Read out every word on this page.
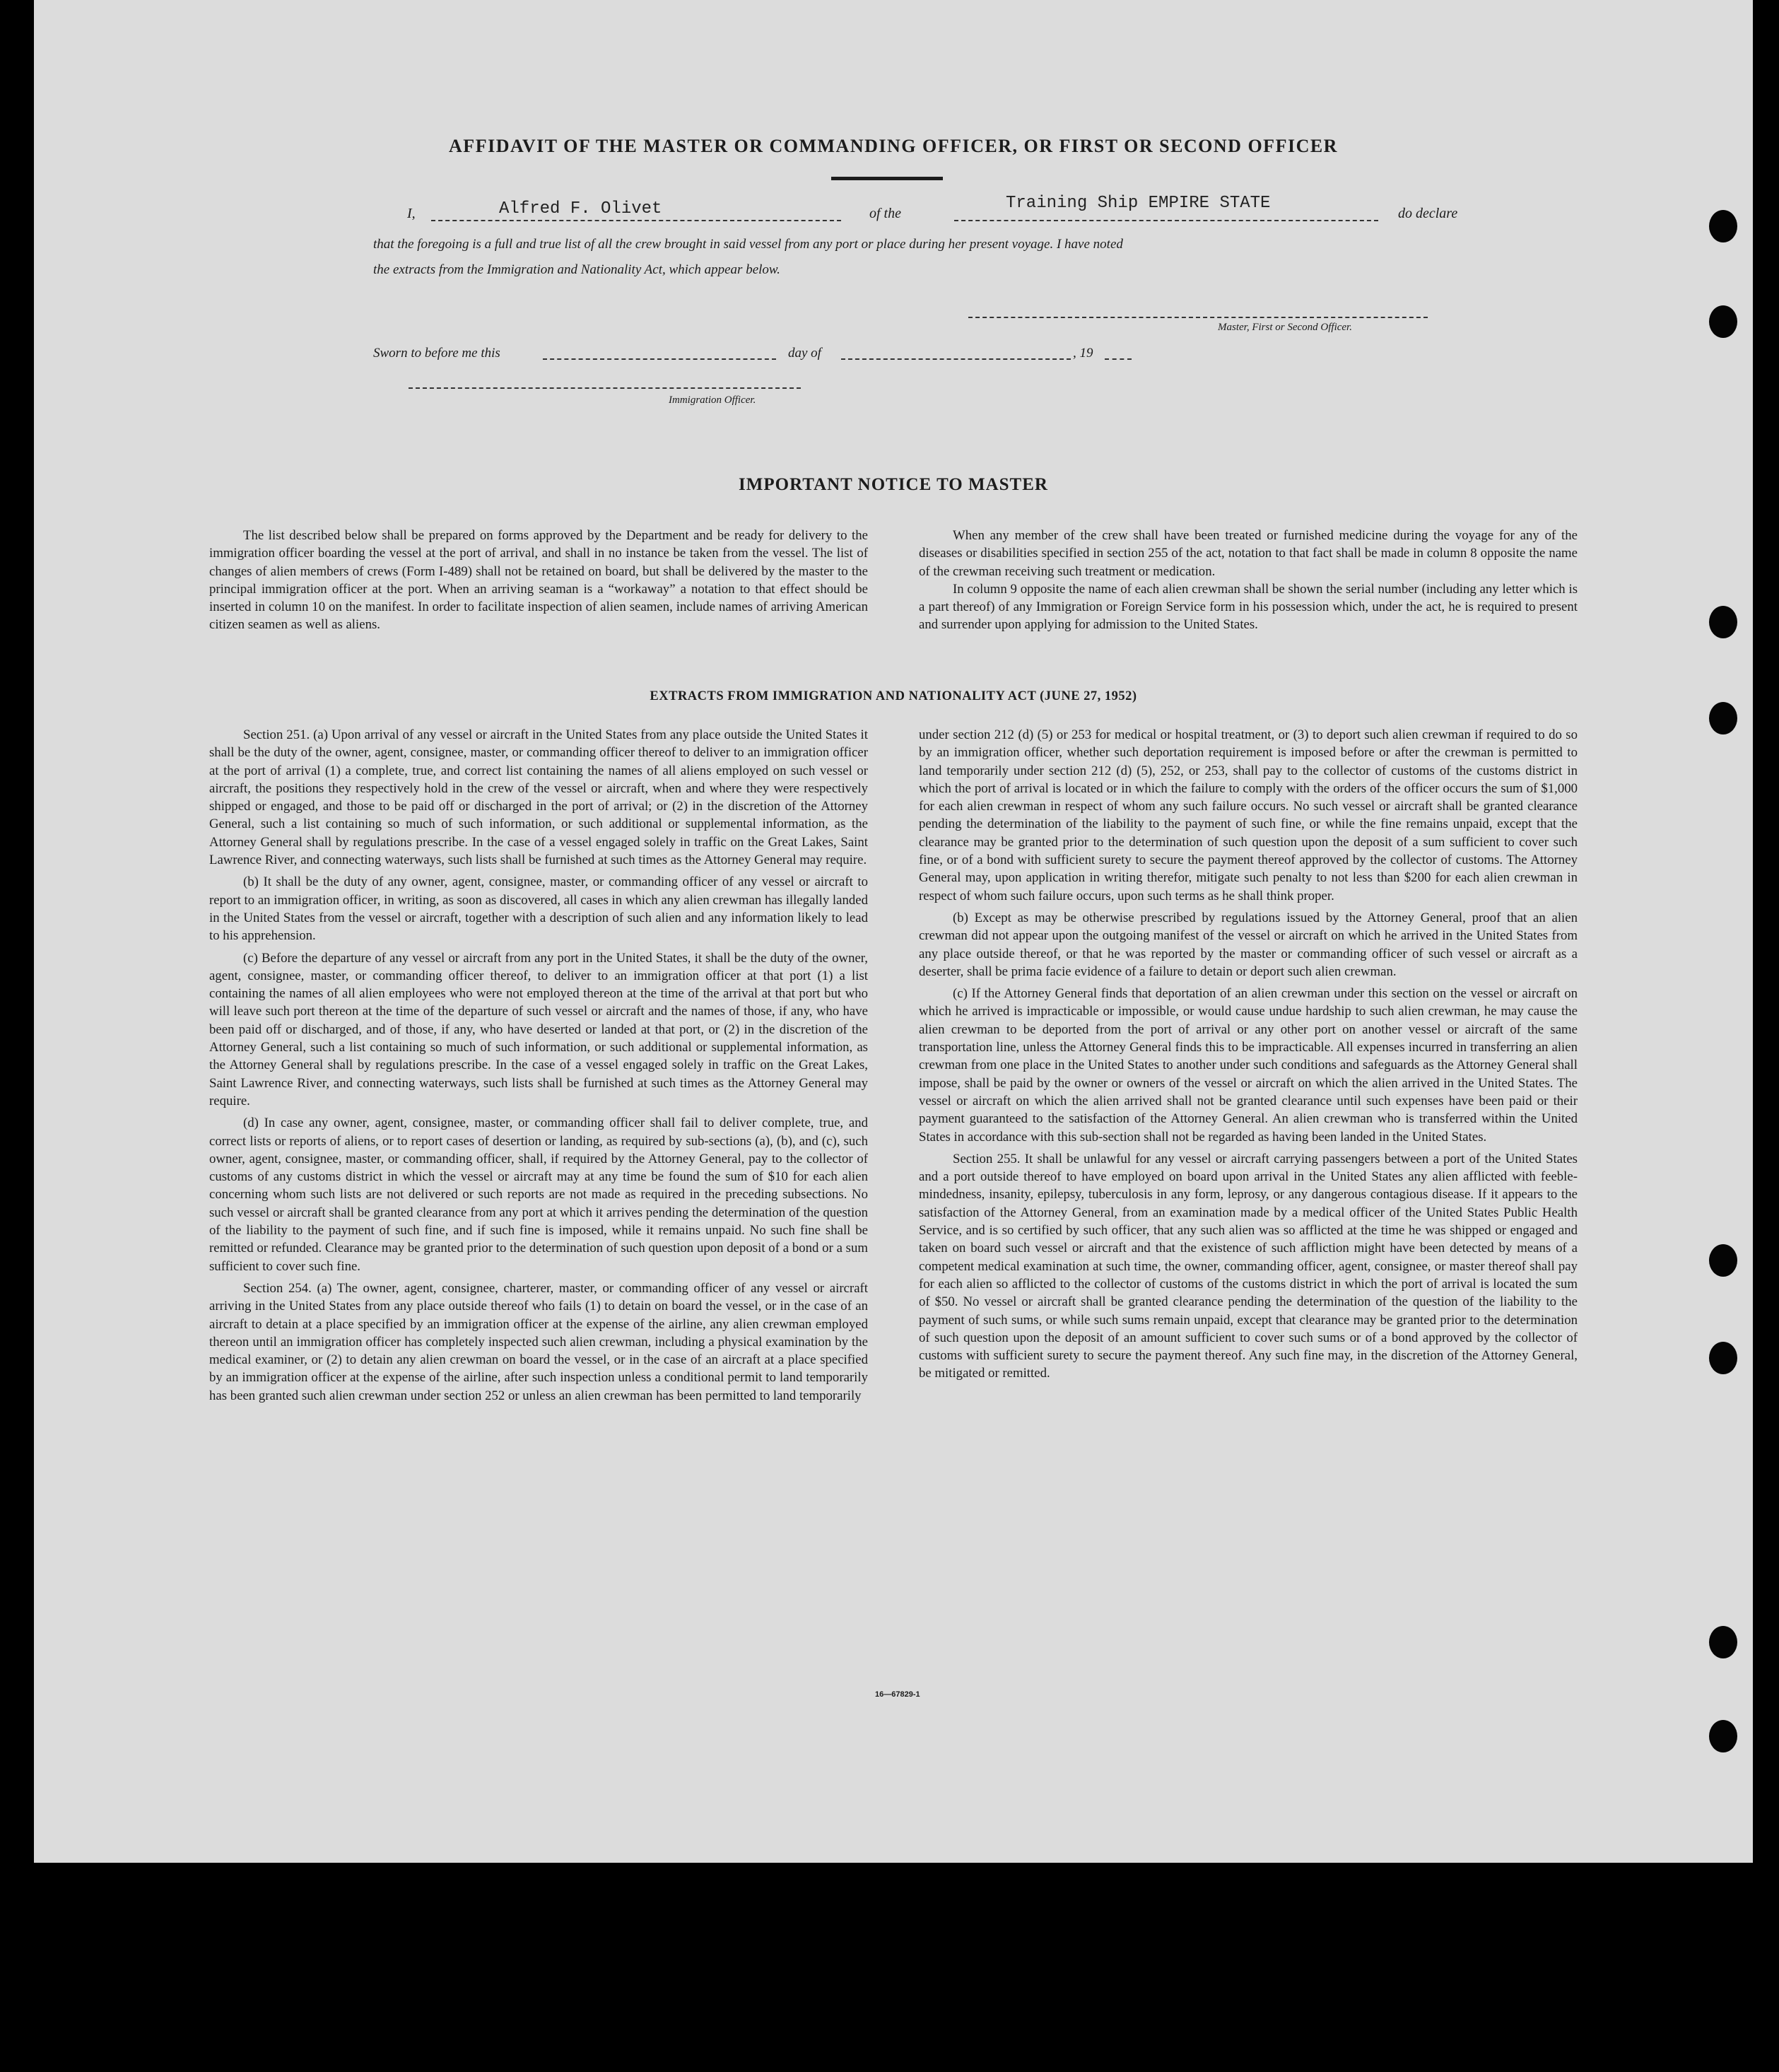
AFFIDAVIT OF THE MASTER OR COMMANDING OFFICER, OR FIRST OR SECOND OFFICER
I,	Alfred F. Olivet	of the
Training Ship EMPIRE STATE
do declare
that the foregoing is a full and true list of all the crew brought in said vessel from any port or place during her present voyage. I have noted
the extracts from the Immigration and Nationality Act, which appear below.
Master, First or Second Officer.
Sworn to before me this	day of	, 19
Immigration Officer.
IMPORTANT NOTICE TO MASTER

The list described below shall be prepared on forms approved by the Department and be ready for delivery to the immigration officer boarding the vessel at the port of arrival, and shall in no instance be taken from the vessel. The list of changes of alien members of crews (Form I-489) shall not be retained on board, but shall be delivered by the master to the principal immigration officer at the port. When an arriving seaman is a “workaway” a notation to that effect should be inserted in column 10 on the manifest. In order to facilitate inspection of alien seamen, include names of arriving American citizen seamen as well as aliens.

When any member of the crew shall have been treated or furnished medicine during the voyage for any of the diseases or disabilities specified in section 255 of the act, notation to that fact shall be made in column 8 opposite the name of the crewman receiving such treatment or medication.

In column 9 opposite the name of each alien crewman shall be shown the serial number (including any letter which is a part thereof) of any Immigration or Foreign Service form in his possession which, under the act, he is required to present and surrender upon applying for admission to the United States.

EXTRACTS FROM IMMIGRATION AND NATIONALITY ACT (JUNE 27, 1952)

Section 251. (a) Upon arrival of any vessel or aircraft in the United States from any place outside the United States it shall be the duty of the owner, agent, consignee, master, or commanding officer thereof to deliver to an immigration officer at the port of arrival (1) a complete, true, and correct list containing the names of all aliens employed on such vessel or aircraft, the positions they respectively hold in the crew of the vessel or aircraft, when and where they were respectively shipped or engaged, and those to be paid off or discharged in the port of arrival; or (2) in the discretion of the Attorney General, such a list containing so much of such information, or such additional or supplemental information, as the Attorney General shall by regulations prescribe. In the case of a vessel engaged solely in traffic on the Great Lakes, Saint Lawrence River, and connecting waterways, such lists shall be furnished at such times as the Attorney General may require.

(b) It shall be the duty of any owner, agent, consignee, master, or commanding officer of any vessel or aircraft to report to an immigration officer, in writing, as soon as discovered, all cases in which any alien crewman has illegally landed in the United States from the vessel or aircraft, together with a description of such alien and any information likely to lead to his apprehension.

(c) Before the departure of any vessel or aircraft from any port in the United States, it shall be the duty of the owner, agent, consignee, master, or commanding officer thereof, to deliver to an immigration officer at that port (1) a list containing the names of all alien employees who were not employed thereon at the time of the arrival at that port but who will leave such port thereon at the time of the departure of such vessel or aircraft and the names of those, if any, who have been paid off or discharged, and of those, if any, who have deserted or landed at that port, or (2) in the discretion of the Attorney General, such a list containing so much of such information, or such additional or supplemental information, as the Attorney General shall by regulations prescribe. In the case of a vessel engaged solely in traffic on the Great Lakes, Saint Lawrence River, and connecting waterways, such lists shall be furnished at such times as the Attorney General may require.

(d) In case any owner, agent, consignee, master, or commanding officer shall fail to deliver complete, true, and correct lists or reports of aliens, or to report cases of desertion or landing, as required by sub-sections (a), (b), and (c), such owner, agent, consignee, master, or commanding officer, shall, if required by the Attorney General, pay to the collector of customs of any customs district in which the vessel or aircraft may at any time be found the sum of $10 for each alien concerning whom such lists are not delivered or such reports are not made as required in the preceding subsections. No such vessel or aircraft shall be granted clearance from any port at which it arrives pending the determination of the question of the liability to the payment of such fine, and if such fine is imposed, while it remains unpaid. No such fine shall be remitted or refunded. Clearance may be granted prior to the determination of such question upon deposit of a bond or a sum sufficient to cover such fine.

Section 254. (a) The owner, agent, consignee, charterer, master, or commanding officer of any vessel or aircraft arriving in the United States from any place outside thereof who fails (1) to detain on board the vessel, or in the case of an aircraft to detain at a place specified by an immigration officer at the expense of the airline, any alien crewman employed thereon until an immigration officer has completely inspected such alien crewman, including a physical examination by the medical examiner, or (2) to detain any alien crewman on board the vessel, or in the case of an aircraft at a place specified by an immigration officer at the expense of the airline, after such inspection unless a conditional permit to land temporarily has been granted such alien crewman under section 252 or unless an alien crewman has been permitted to land temporarily

under section 212 (d) (5) or 253 for medical or hospital treatment, or (3) to deport such alien crewman if required to do so by an immigration officer, whether such deportation requirement is imposed before or after the crewman is permitted to land temporarily under section 212 (d) (5), 252, or 253, shall pay to the collector of customs of the customs district in which the port of arrival is located or in which the failure to comply with the orders of the officer occurs the sum of $1,000 for each alien crewman in respect of whom any such failure occurs. No such vessel or aircraft shall be granted clearance pending the determination of the liability to the payment of such fine, or while the fine remains unpaid, except that the clearance may be granted prior to the determination of such question upon the deposit of a sum sufficient to cover such fine, or of a bond with sufficient surety to secure the payment thereof approved by the collector of customs. The Attorney General may, upon application in writing therefor, mitigate such penalty to not less than $200 for each alien crewman in respect of whom such failure occurs, upon such terms as he shall think proper.

(b) Except as may be otherwise prescribed by regulations issued by the Attorney General, proof that an alien crewman did not appear upon the outgoing manifest of the vessel or aircraft on which he arrived in the United States from any place outside thereof, or that he was reported by the master or commanding officer of such vessel or aircraft as a deserter, shall be prima facie evidence of a failure to detain or deport such alien crewman.

(c) If the Attorney General finds that deportation of an alien crewman under this section on the vessel or aircraft on which he arrived is impracticable or impossible, or would cause undue hardship to such alien crewman, he may cause the alien crewman to be deported from the port of arrival or any other port on another vessel or aircraft of the same transportation line, unless the Attorney General finds this to be impracticable. All expenses incurred in transferring an alien crewman from one place in the United States to another under such conditions and safeguards as the Attorney General shall impose, shall be paid by the owner or owners of the vessel or aircraft on which the alien arrived in the United States. The vessel or aircraft on which the alien arrived shall not be granted clearance until such expenses have been paid or their payment guaranteed to the satisfaction of the Attorney General. An alien crewman who is transferred within the United States in accordance with this sub-section shall not be regarded as having been landed in the United States.

Section 255. It shall be unlawful for any vessel or aircraft carrying passengers between a port of the United States and a port outside thereof to have employed on board upon arrival in the United States any alien afflicted with feeble-mindedness, insanity, epilepsy, tuberculosis in any form, leprosy, or any dangerous contagious disease. If it appears to the satisfaction of the Attorney General, from an examination made by a medical officer of the United States Public Health Service, and is so certified by such officer, that any such alien was so afflicted at the time he was shipped or engaged and taken on board such vessel or aircraft and that the existence of such affliction might have been detected by means of a competent medical examination at such time, the owner, commanding officer, agent, consignee, or master thereof shall pay for each alien so afflicted to the collector of customs of the customs district in which the port of arrival is located the sum of $50. No vessel or aircraft shall be granted clearance pending the determination of the question of the liability to the payment of such sums, or while such sums remain unpaid, except that clearance may be granted prior to the determination of such question upon the deposit of an amount sufficient to cover such sums or of a bond approved by the collector of customs with sufficient surety to secure the payment thereof. Any such fine may, in the discretion of the Attorney General, be mitigated or remitted.

16—67829-1
